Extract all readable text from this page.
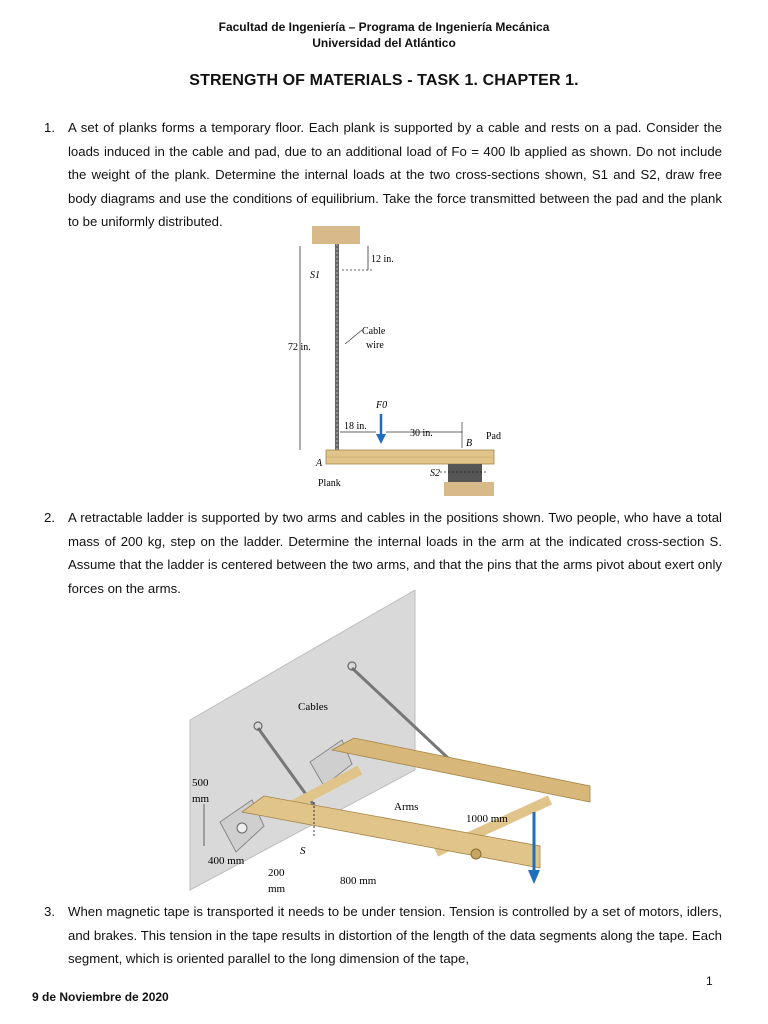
Facultad de Ingeniería – Programa de Ingeniería Mecánica
Universidad del Atlántico
STRENGTH OF MATERIALS - TASK 1. CHAPTER 1.
1. A set of planks forms a temporary floor. Each plank is supported by a cable and rests on a pad. Consider the loads induced in the cable and pad, due to an additional load of Fo = 400 lb applied as shown. Do not include the weight of the plank. Determine the internal loads at the two cross-sections shown, S1 and S2, draw free body diagrams and use the conditions of equilibrium. Take the force transmitted between the pad and the plank to be uniformly distributed.
12 in.
S1
72 in.
Cable
wire
F0
18 in.
30 in.
B
Pad
A
S2
Plank
2. A retractable ladder is supported by two arms and cables in the positions shown. Two people, who have a total mass of 200 kg, step on the ladder. Determine the internal loads in the arm at the indicated cross-section S. Assume that the ladder is centered between the two arms, and that the pins that the arms pivot about exert only forces on the arms.
Cables
S
500
mm
Arms
1000 mm
400 mm
200
mm
800 mm
3. When magnetic tape is transported it needs to be under tension. Tension is controlled by a set of motors, idlers, and brakes. This tension in the tape results in distortion of the length of the data segments along the tape. Each segment, which is oriented parallel to the long dimension of the tape,
1
9 de Noviembre de 2020
